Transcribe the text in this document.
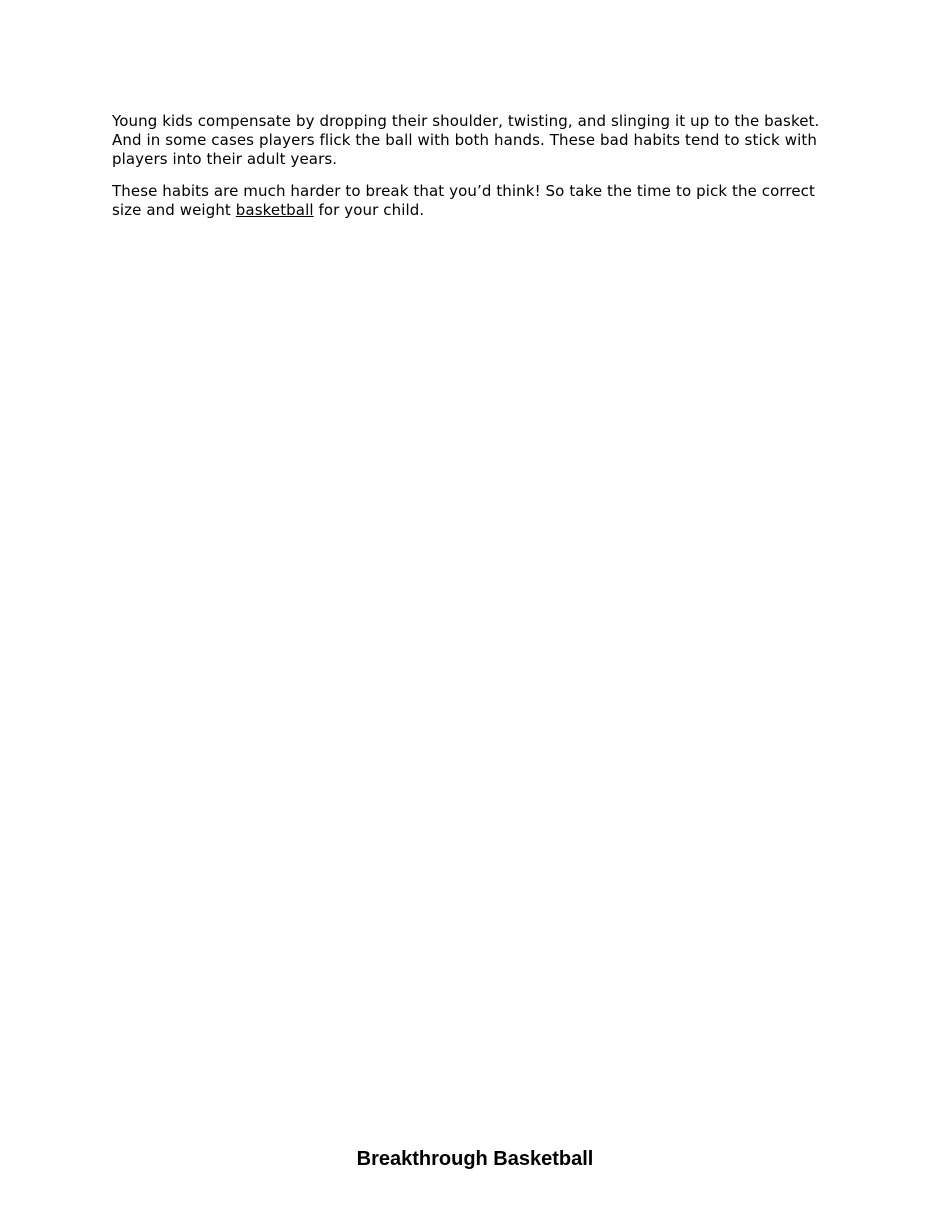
Young kids compensate by dropping their shoulder, twisting, and slinging it up to the basket. And in some cases players flick the ball with both hands. These bad habits tend to stick with players into their adult years.

These habits are much harder to break that you’d think! So take the time to pick the correct size and weight basketball for your child.

Breakthrough Basketball
